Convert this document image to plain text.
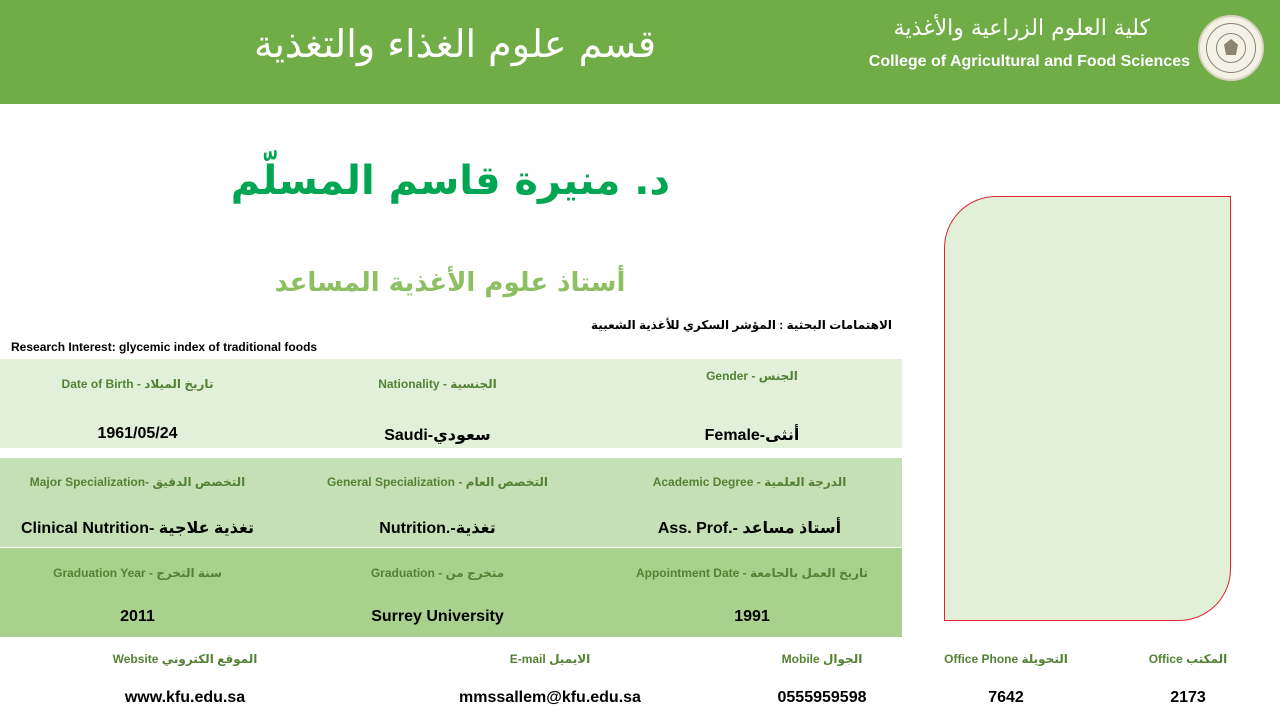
قسم علوم الغذاء والتغذية	كلية العلوم الزراعية والأغذية
College of Agricultural and Food Sciences
د. منيرة قاسم المسلّم
أستاذ علوم الأغذية المساعد
الاهتمامات البحثية : المؤشر السكري للأغذية الشعبية
Research Interest: glycemic index of traditional foods
Date of Birth - تاريخ الميلاد
1961/05/24
Nationality - الجنسية
Saudi-سعودي
Gender - الجنس
Female-أنثى
Major Specialization- التخصص الدقيق
Clinical Nutrition- تغذية علاجية
General Specialization - التخصص العام
Nutrition.-تغذية
Academic Degree - الدرجة العلمية
Ass. Prof.- أستاذ مساعد
Graduation Year - سنة التخرج
2011
Graduation - متخرج من
Surrey University
Appointment Date - تاريخ العمل بالجامعة
1991
Website الموقع الكتروني
www.kfu.edu.sa
E-mail الايميل
mmssallem@kfu.edu.sa
Mobile الجوال
0555959598
Office Phone التحويلة
7642
Office المكتب
2173
